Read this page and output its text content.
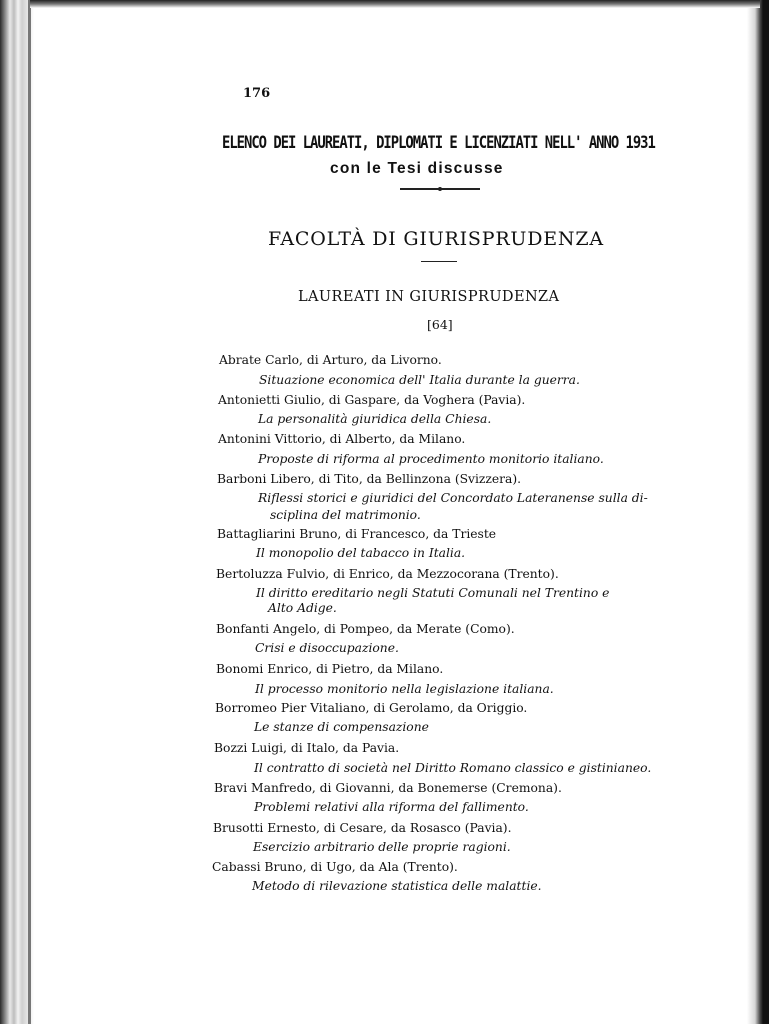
176
ELENCO DEI LAUREATI, DIPLOMATI E LICENZIATI NELL' ANNO 1931
con le Tesi discusse
FACOLTÀ DI GIURISPRUDENZA
LAUREATI IN GIURISPRUDENZA
[64]
Abrate Carlo, di Arturo, da Livorno.
Situazione economica dell' Italia durante la guerra.
Antonietti Giulio, di Gaspare, da Voghera (Pavia).
La personalità giuridica della Chiesa.
Antonini Vittorio, di Alberto, da Milano.
Proposte di riforma al procedimento monitorio italiano.
Barboni Libero, di Tito, da Bellinzona (Svizzera).
Riflessi storici e giuridici del Concordato Lateranense sulla di-
sciplina del matrimonio.
Battagliarini Bruno, di Francesco, da Trieste
Il monopolio del tabacco in Italia.
Bertoluzza Fulvio, di Enrico, da Mezzocorana (Trento).
Il diritto ereditario negli Statuti Comunali nel Trentino e
Alto Adige.
Bonfanti Angelo, di Pompeo, da Merate (Como).
Crisi e disoccupazione.
Bonomi Enrico, di Pietro, da Milano.
Il processo monitorio nella legislazione italiana.
Borromeo Pier Vitaliano, di Gerolamo, da Origgio.
Le stanze di compensazione
Bozzi Luigi, di Italo, da Pavia.
Il contratto di società nel Diritto Romano classico e gistinianeo.
Bravi Manfredo, di Giovanni, da Bonemerse (Cremona).
Problemi relativi alla riforma del fallimento.
Brusotti Ernesto, di Cesare, da Rosasco (Pavia).
Esercizio arbitrario delle proprie ragioni.
Cabassi Bruno, di Ugo, da Ala (Trento).
Metodo di rilevazione statistica delle malattie.
